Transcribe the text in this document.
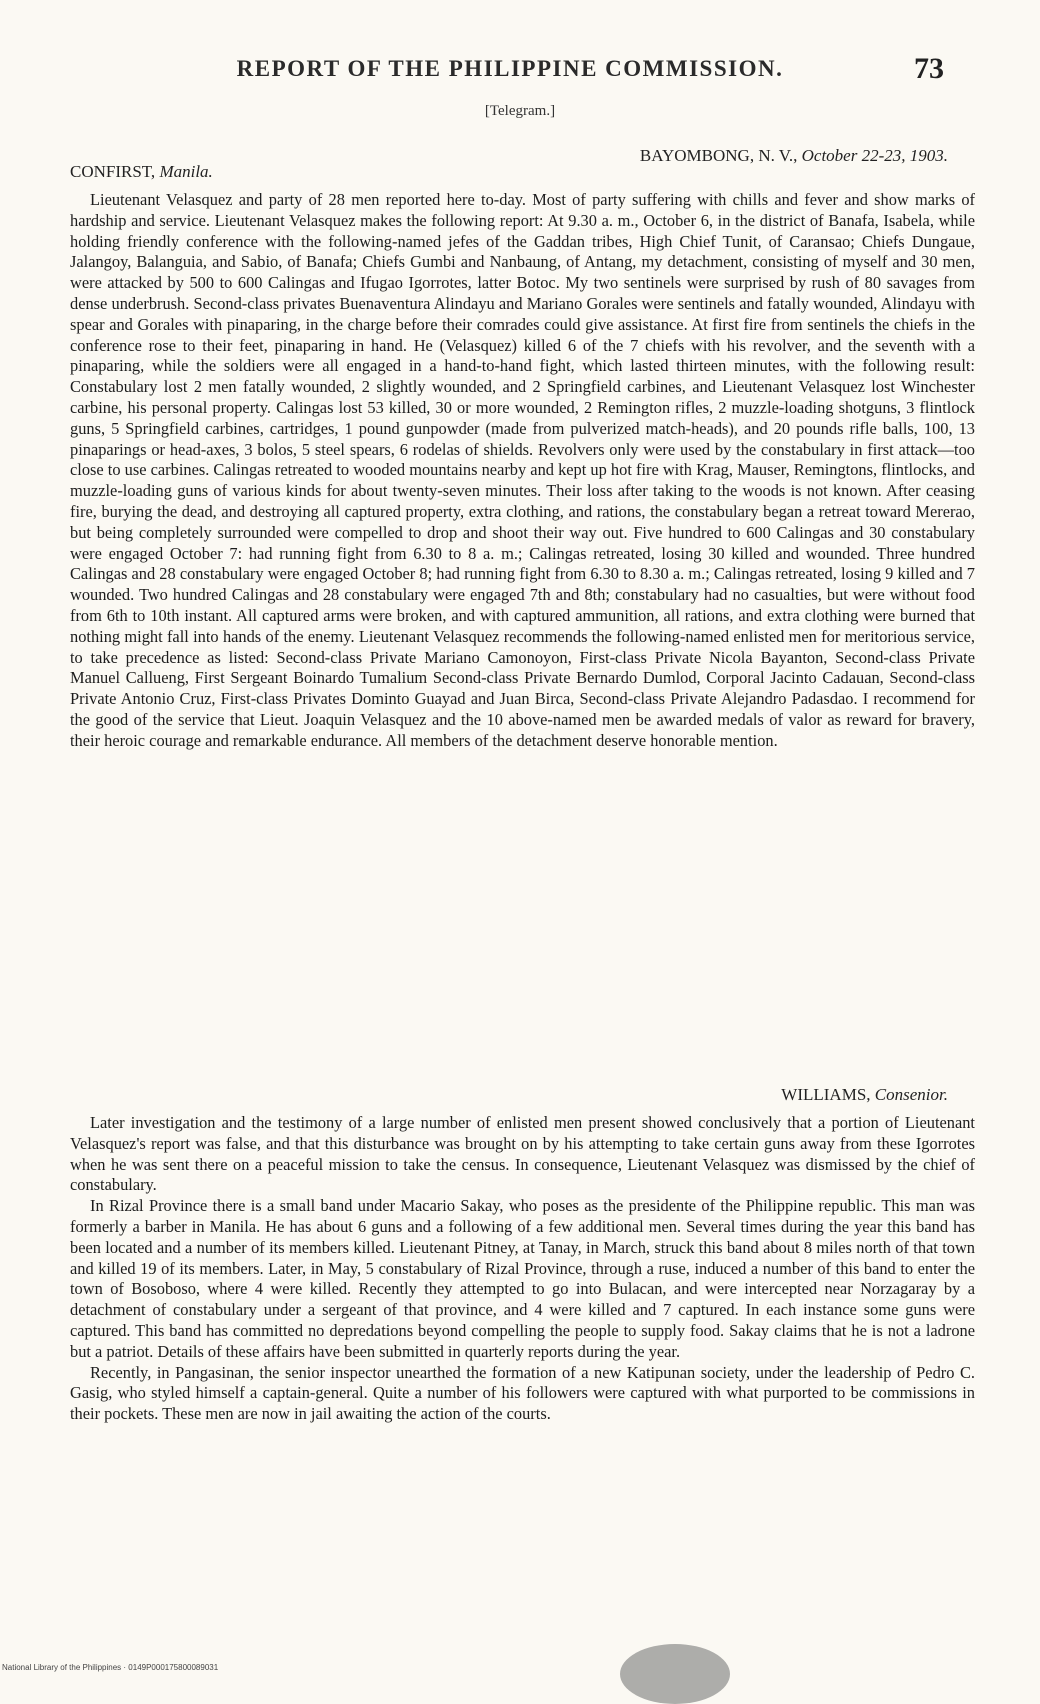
REPORT OF THE PHILIPPINE COMMISSION.	73
[Telegram.]
BAYOMBONG, N. V., October 22-23, 1903.
CONFIRST, Manila.

Lieutenant Velasquez and party of 28 men reported here to-day. Most of party suffering with chills and fever and show marks of hardship and service. Lieutenant Velasquez makes the following report: At 9.30 a. m., October 6, in the district of Banafa, Isabela, while holding friendly conference with the following-named jefes of the Gaddan tribes, High Chief Tunit, of Caransao; Chiefs Dungaue, Jalangoy, Balanguia, and Sabio, of Banafa; Chiefs Gumbi and Nanbaung, of Antang, my detachment, consisting of myself and 30 men, were attacked by 500 to 600 Calingas and Ifugao Igorrotes, latter Botoc. My two sentinels were surprised by rush of 80 savages from dense underbrush. Second-class privates Buenaventura Alindayu and Mariano Gorales were sentinels and fatally wounded, Alindayu with spear and Gorales with pinaparing, in the charge before their comrades could give assistance. At first fire from sentinels the chiefs in the conference rose to their feet, pinaparing in hand. He (Velasquez) killed 6 of the 7 chiefs with his revolver, and the seventh with a pinaparing, while the soldiers were all engaged in a hand-to-hand fight, which lasted thirteen minutes, with the following result: Constabulary lost 2 men fatally wounded, 2 slightly wounded, and 2 Springfield carbines, and Lieutenant Velasquez lost Winchester carbine, his personal property. Calingas lost 53 killed, 30 or more wounded, 2 Remington rifles, 2 muzzle-loading shotguns, 3 flintlock guns, 5 Springfield carbines, cartridges, 1 pound gunpowder (made from pulverized match-heads), and 20 pounds rifle balls, 100, 13 pinaparings or head-axes, 3 bolos, 5 steel spears, 6 rodelas of shields. Revolvers only were used by the constabulary in first attack—too close to use carbines. Calingas retreated to wooded mountains nearby and kept up hot fire with Krag, Mauser, Remingtons, flintlocks, and muzzle-loading guns of various kinds for about twenty-seven minutes. Their loss after taking to the woods is not known. After ceasing fire, burying the dead, and destroying all captured property, extra clothing, and rations, the constabulary began a retreat toward Mererao, but being completely surrounded were compelled to drop and shoot their way out. Five hundred to 600 Calingas and 30 constabulary were engaged October 7: had running fight from 6.30 to 8 a. m.; Calingas retreated, losing 30 killed and wounded. Three hundred Calingas and 28 constabulary were engaged October 8; had running fight from 6.30 to 8.30 a. m.; Calingas retreated, losing 9 killed and 7 wounded. Two hundred Calingas and 28 constabulary were engaged 7th and 8th; constabulary had no casualties, but were without food from 6th to 10th instant. All captured arms were broken, and with captured ammunition, all rations, and extra clothing were burned that nothing might fall into hands of the enemy. Lieutenant Velasquez recommends the following-named enlisted men for meritorious service, to take precedence as listed: Second-class Private Mariano Camonoyon, First-class Private Nicola Bayanton, Second-class Private Manuel Callueng, First Sergeant Boinardo Tumalium Second-class Private Bernardo Dumlod, Corporal Jacinto Cadauan, Second-class Private Antonio Cruz, First-class Privates Dominto Guayad and Juan Birca, Second-class Private Alejandro Padasdao. I recommend for the good of the service that Lieut. Joaquin Velasquez and the 10 above-named men be awarded medals of valor as reward for bravery, their heroic courage and remarkable endurance. All members of the detachment deserve honorable mention.

WILLIAMS, Consenior.

Later investigation and the testimony of a large number of enlisted men present showed conclusively that a portion of Lieutenant Velasquez's report was false, and that this disturbance was brought on by his attempting to take certain guns away from these Igorrotes when he was sent there on a peaceful mission to take the census. In consequence, Lieutenant Velasquez was dismissed by the chief of constabulary.

In Rizal Province there is a small band under Macario Sakay, who poses as the presidente of the Philippine republic. This man was formerly a barber in Manila. He has about 6 guns and a following of a few additional men. Several times during the year this band has been located and a number of its members killed. Lieutenant Pitney, at Tanay, in March, struck this band about 8 miles north of that town and killed 19 of its members. Later, in May, 5 constabulary of Rizal Province, through a ruse, induced a number of this band to enter the town of Bosoboso, where 4 were killed. Recently they attempted to go into Bulacan, and were intercepted near Norzagaray by a detachment of constabulary under a sergeant of that province, and 4 were killed and 7 captured. In each instance some guns were captured. This band has committed no depredations beyond compelling the people to supply food. Sakay claims that he is not a ladrone but a patriot. Details of these affairs have been submitted in quarterly reports during the year.

Recently, in Pangasinan, the senior inspector unearthed the formation of a new Katipunan society, under the leadership of Pedro C. Gasig, who styled himself a captain-general. Quite a number of his followers were captured with what purported to be commissions in their pockets. These men are now in jail awaiting the action of the courts.

National Library of the Philippines · 0149P000175800089031
